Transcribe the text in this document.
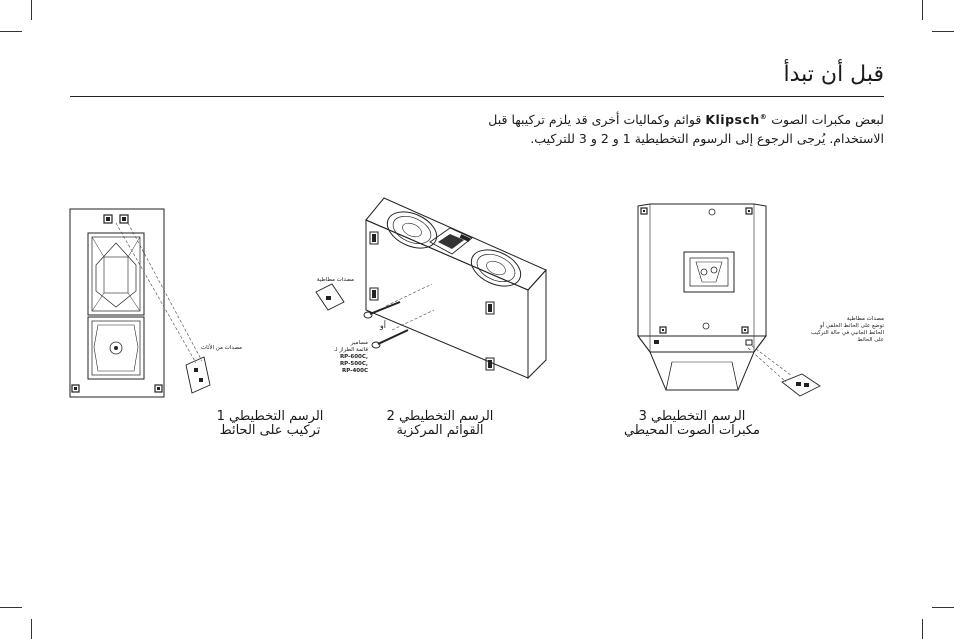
قبل أن تبدأ
لبعض مكبرات الصوت Klipsch® قوائم وكماليات أخرى قد يلزم تركيبها قبل
الاستخدام. يُرجى الرجوع إلى الرسوم التخطيطية 1 و 2 و 3 للتركيب.
مصدات من الأثاث
الرسم التخطيطي 1
تركيب على الحائط
مصدات مطاطية
أو
مسامير
قائمة الطراز لـ
RP-600C,
RP-500C,
RP-400C
الرسم التخطيطي 2
القوائم المركزية
مصدات مطاطية
توضع على الحائط الخلفي أو
الحائط الجانبي في حالة التركيب
على الحائط
الرسم التخطيطي 3
مكبرات الصوت المحيطي
